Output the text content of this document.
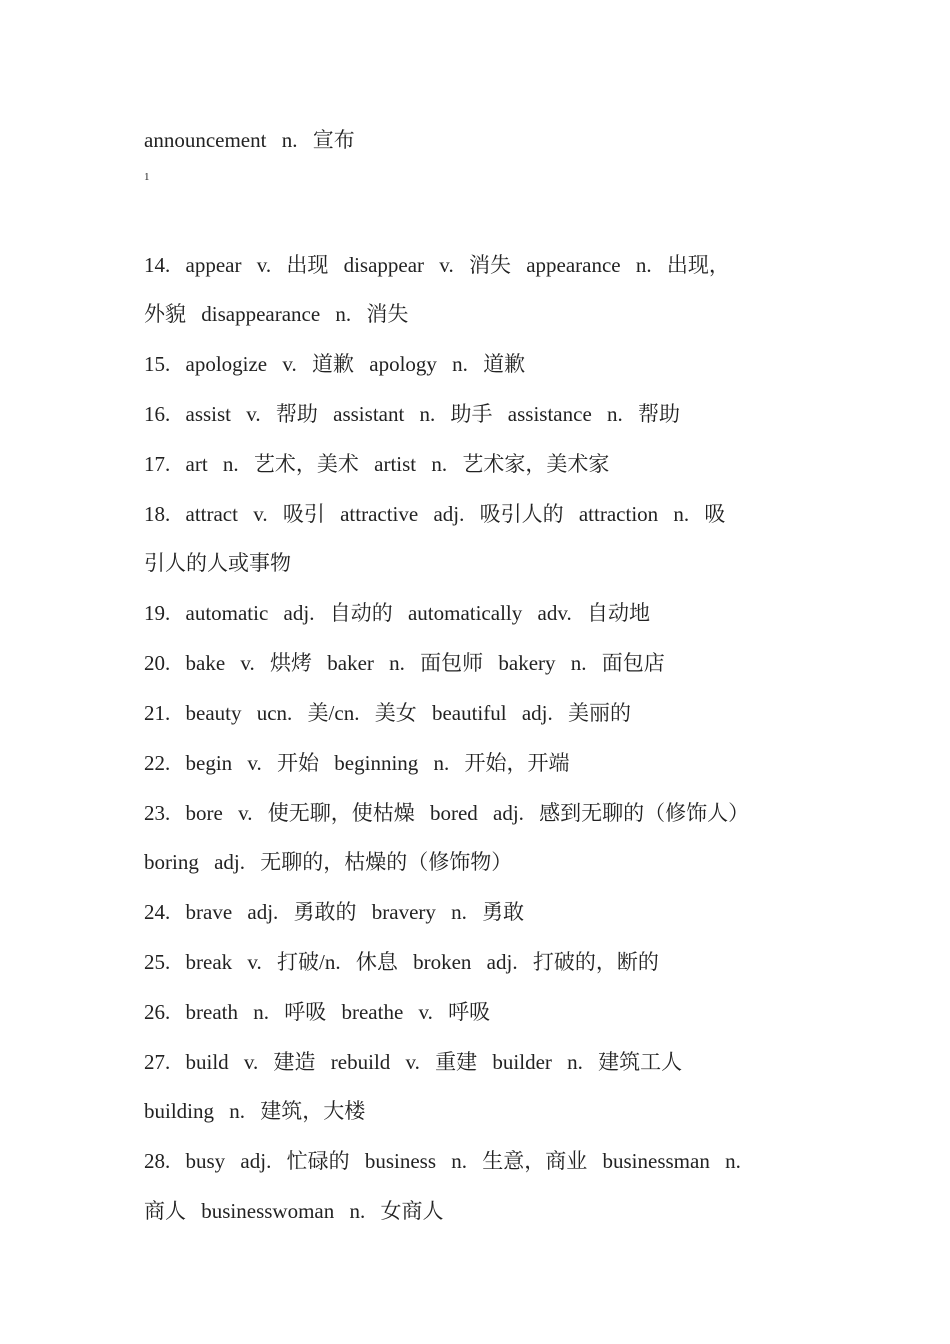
announcement n. 宣布
1
14. appear v. 出现 disappear v. 消失 appearance n. 出现，
外貌 disappearance n. 消失
15. apologize v. 道歉 apology n. 道歉
16. assist v. 帮助 assistant n. 助手 assistance n. 帮助
17. art n. 艺术，美术 artist n. 艺术家，美术家
18. attract v. 吸引 attractive adj. 吸引人的 attraction n. 吸
引人的人或事物
19. automatic adj. 自动的 automatically adv. 自动地
20. bake v. 烘烤 baker n. 面包师 bakery n. 面包店
21. beauty ucn. 美/cn. 美女 beautiful adj. 美丽的
22. begin v. 开始 beginning n. 开始，开端
23. bore v. 使无聊，使枯燥 bored adj. 感到无聊的（修饰人）
boring adj. 无聊的，枯燥的（修饰物）
24. brave adj. 勇敢的 bravery n. 勇敢
25. break v. 打破/n. 休息 broken adj. 打破的，断的
26. breath n. 呼吸 breathe v. 呼吸
27. build v. 建造 rebuild v. 重建 builder n. 建筑工人
building n. 建筑，大楼
28. busy adj. 忙碌的 business n. 生意，商业 businessman n.
商人 businesswoman n. 女商人
